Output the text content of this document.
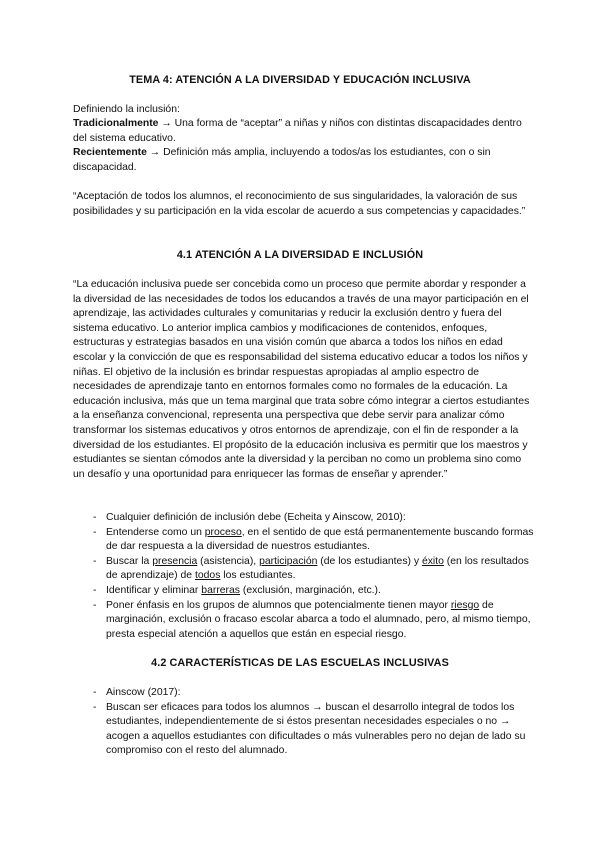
TEMA 4: ATENCIÓN A LA DIVERSIDAD Y EDUCACIÓN INCLUSIVA

Definiendo la inclusión:

Tradicionalmente → Una forma de “aceptar” a niñas y niños con distintas discapacidades dentro del sistema educativo.

Recientemente → Definición más amplia, incluyendo a todos/as los estudiantes, con o sin discapacidad.

“Aceptación de todos los alumnos, el reconocimiento de sus singularidades, la valoración de sus posibilidades y su participación en la vida escolar de acuerdo a sus competencias y capacidades.”

4.1 ATENCIÓN A LA DIVERSIDAD E INCLUSIÓN

“La educación inclusiva puede ser concebida como un proceso que permite abordar y responder a la diversidad de las necesidades de todos los educandos a través de una mayor participación en el aprendizaje, las actividades culturales y comunitarias y reducir la exclusión dentro y fuera del sistema educativo. Lo anterior implica cambios y modificaciones de contenidos, enfoques, estructuras y estrategias basados en una visión común que abarca a todos los niños en edad escolar y la convicción de que es responsabilidad del sistema educativo educar a todos los niños y niñas. El objetivo de la inclusión es brindar respuestas apropiadas al amplio espectro de necesidades de aprendizaje tanto en entornos formales como no formales de la educación. La educación inclusiva, más que un tema marginal que trata sobre cómo integrar a ciertos estudiantes a la enseñanza convencional, representa una perspectiva que debe servir para analizar cómo transformar los sistemas educativos y otros entornos de aprendizaje, con el fin de responder a la diversidad de los estudiantes. El propósito de la educación inclusiva es permitir que los maestros y estudiantes se sientan cómodos ante la diversidad y la perciban no como un problema sino como un desafío y una oportunidad para enriquecer las formas de enseñar y aprender.”

- Cualquier definición de inclusión debe (Echeita y Ainscow, 2010):
- Entenderse como un proceso, en el sentido de que está permanentemente buscando formas de dar respuesta a la diversidad de nuestros estudiantes.
- Buscar la presencia (asistencia), participación (de los estudiantes) y éxito (en los resultados de aprendizaje) de todos los estudiantes.
- Identificar y eliminar barreras (exclusión, marginación, etc.).
- Poner énfasis en los grupos de alumnos que potencialmente tienen mayor riesgo de marginación, exclusión o fracaso escolar abarca a todo el alumnado, pero, al mismo tiempo, presta especial atención a aquellos que están en especial riesgo.
4.2 CARACTERÍSTICAS DE LAS ESCUELAS INCLUSIVAS
- Ainscow (2017):
- Buscan ser eficaces para todos los alumnos → buscan el desarrollo integral de todos los estudiantes, independientemente de si éstos presentan necesidades especiales o no → acogen a aquellos estudiantes con dificultades o más vulnerables pero no dejan de lado su compromiso con el resto del alumnado.
